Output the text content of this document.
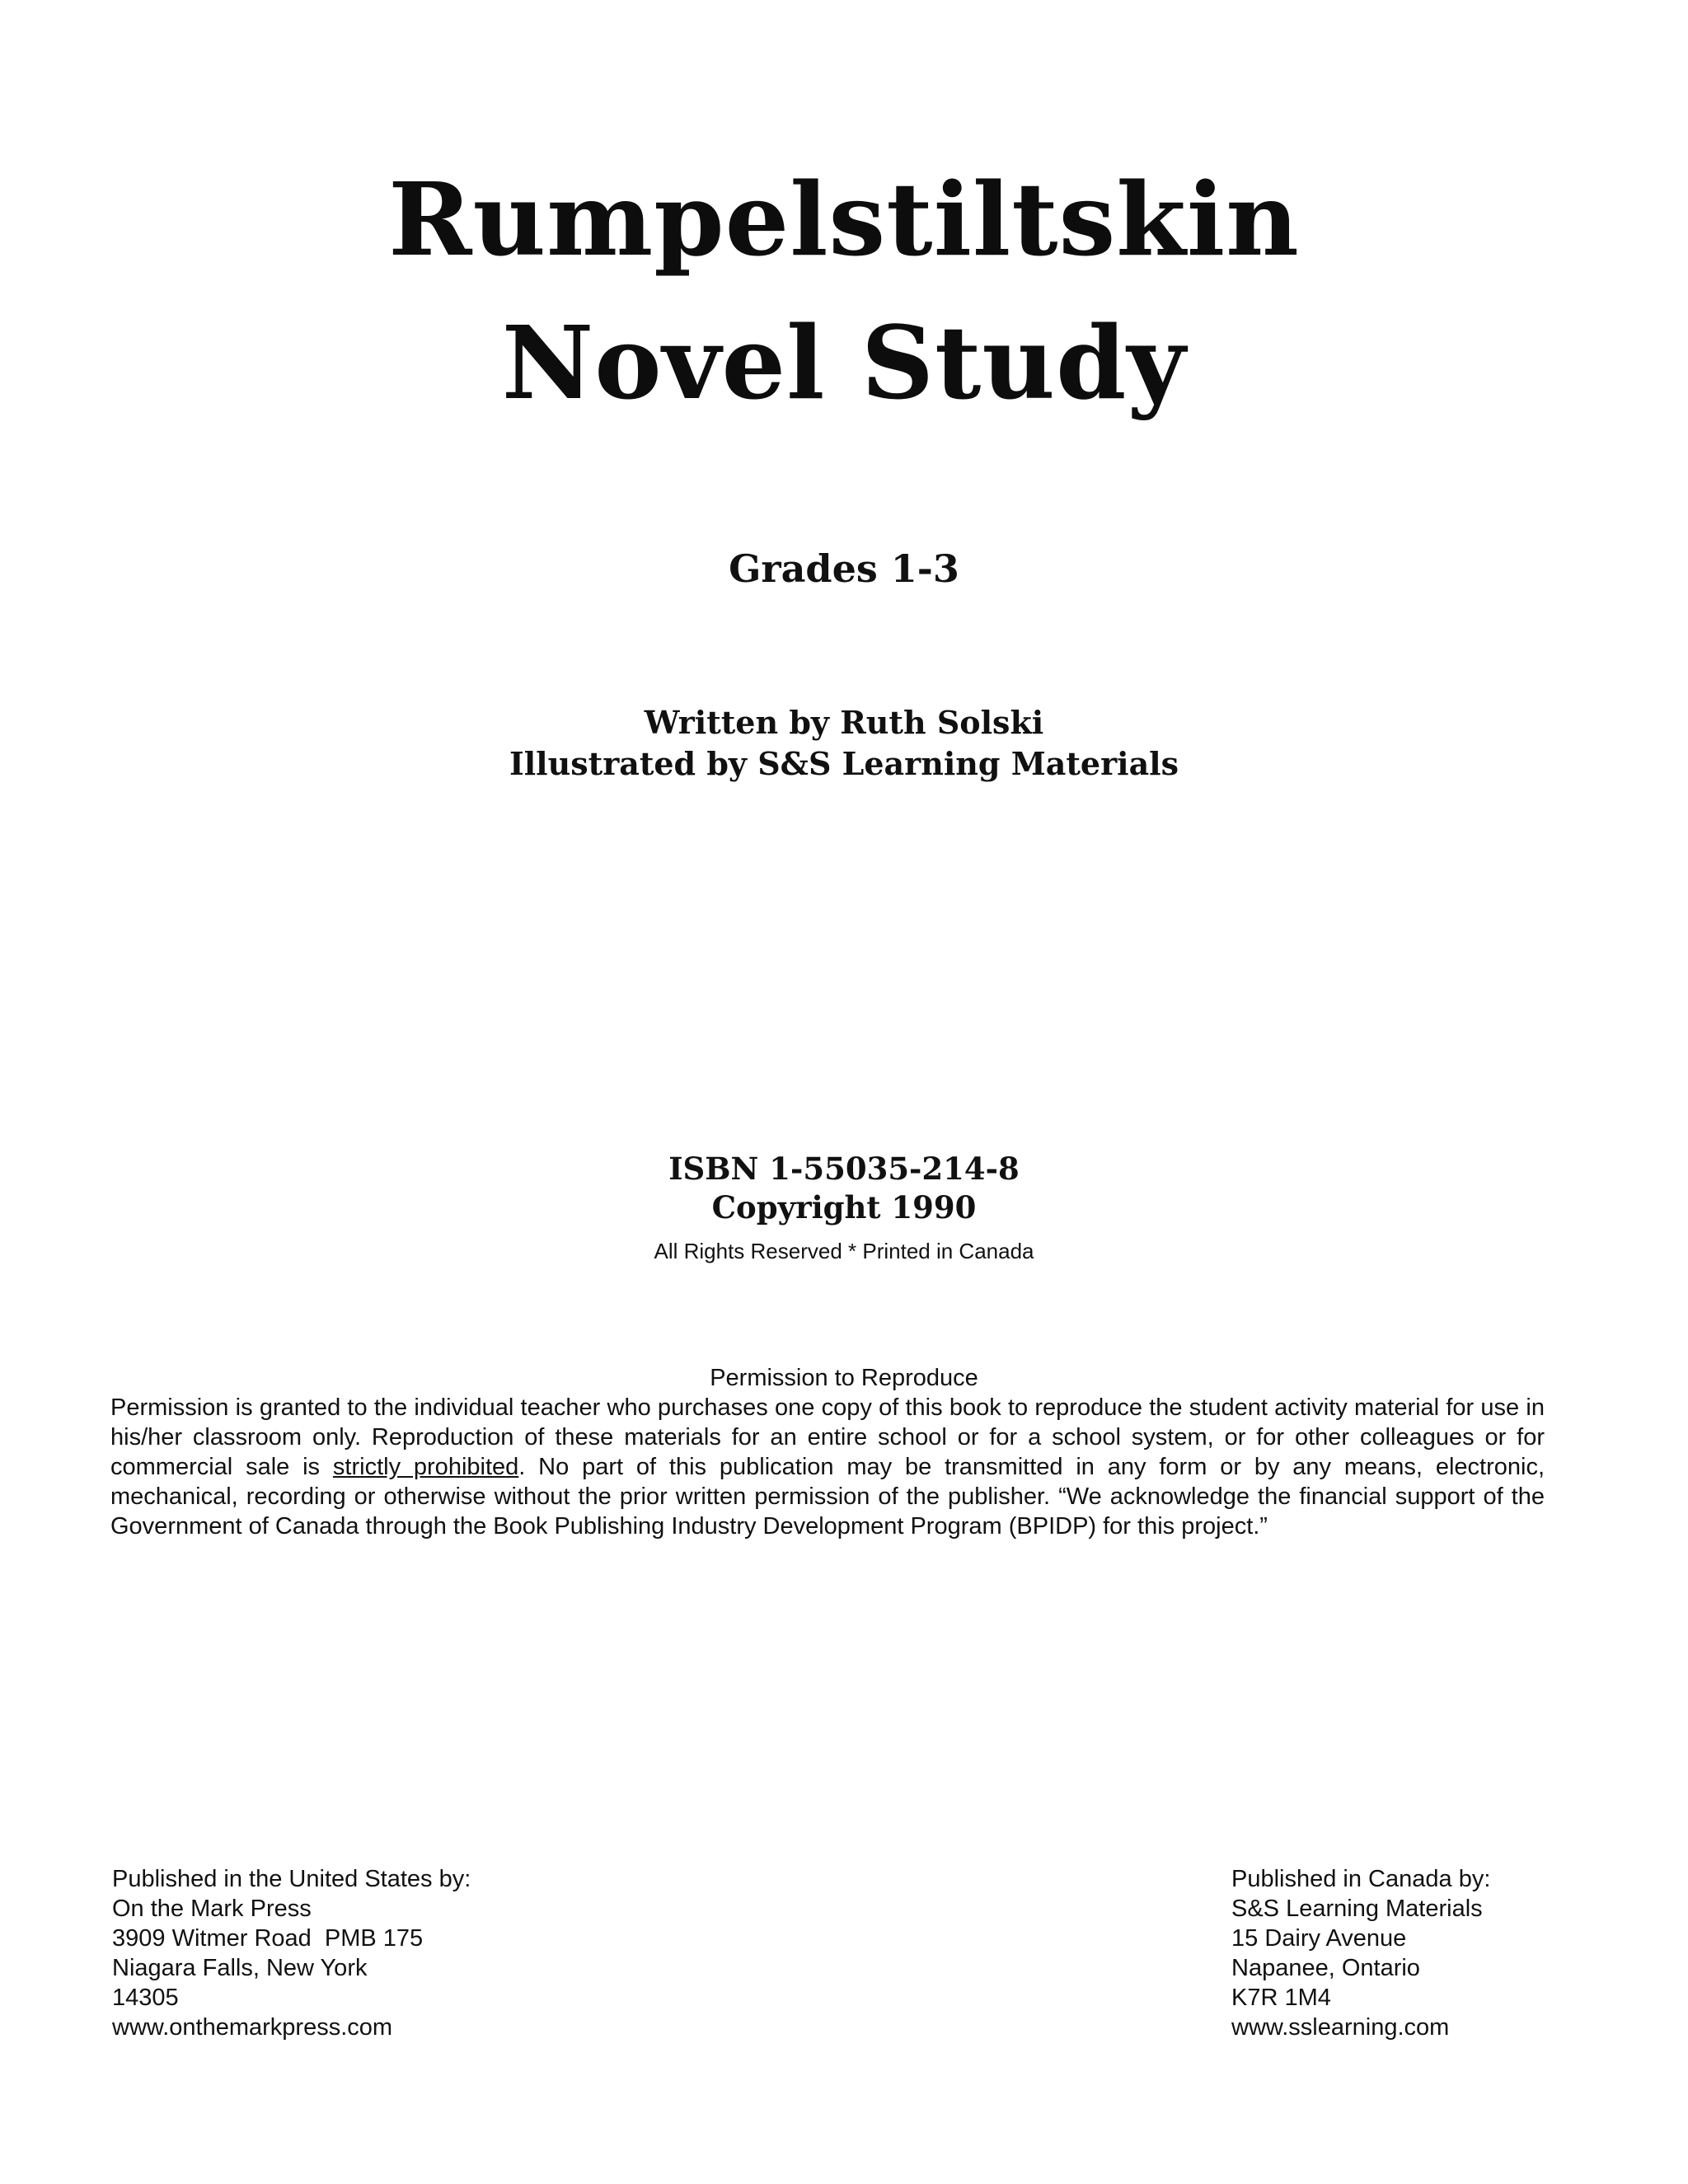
Rumpelstiltskin
Novel Study
Grades 1-3
Written by Ruth Solski
Illustrated by S&S Learning Materials
ISBN 1-55035-214-8
Copyright 1990
All Rights Reserved * Printed in Canada
Permission to Reproduce
Permission is granted to the individual teacher who purchases one copy of this book to reproduce the student activity material for use in his/her classroom only. Reproduction of these materials for an entire school or for a school system, or for other colleagues or for commercial sale is strictly prohibited. No part of this publication may be transmitted in any form or by any means, electronic, mechanical, recording or otherwise without the prior written permission of the publisher. “We acknowledge the financial support of the Government of Canada through the Book Publishing Industry Development Program (BPIDP) for this project.”
Published in the United States by:
On the Mark Press
3909 Witmer Road  PMB 175
Niagara Falls, New York
14305
www.onthemarkpress.com
Published in Canada by:
S&S Learning Materials
15 Dairy Avenue
Napanee, Ontario
K7R 1M4
www.sslearning.com
